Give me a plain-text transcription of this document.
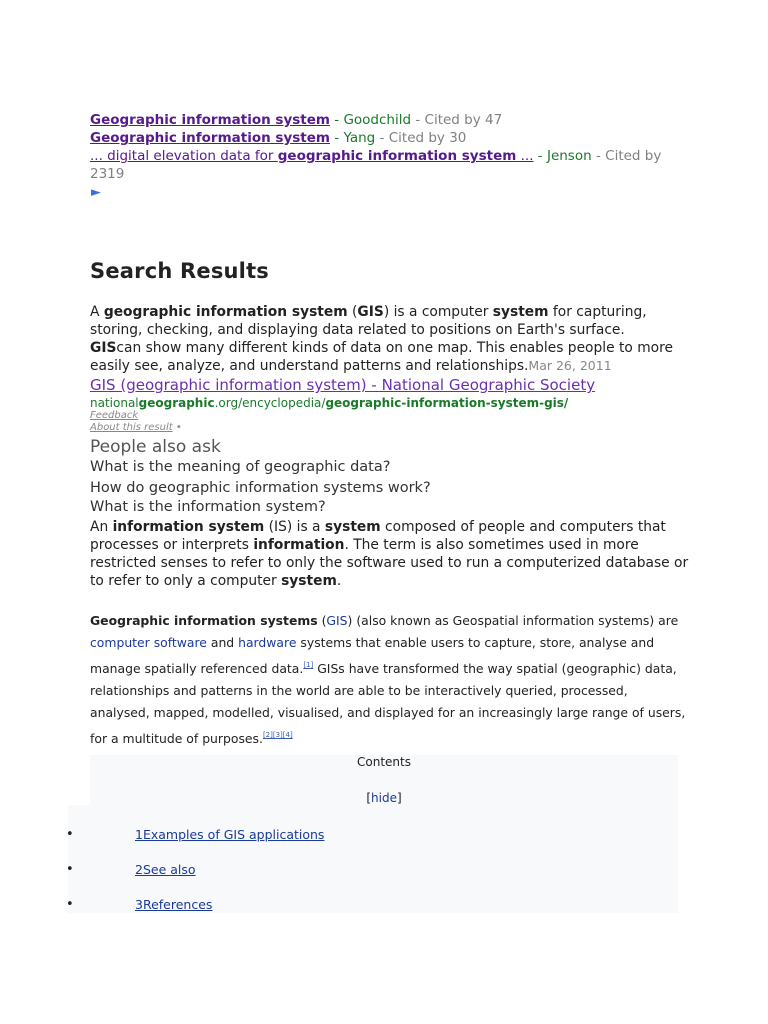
Geographic information system - Goodchild - Cited by 47
Geographic information system - Yang - Cited by 30
... digital elevation data for geographic information system ... - Jenson - Cited by
2319
►
Search Results
A geographic information system (GIS) is a computer system for capturing, storing, checking, and displaying data related to positions on Earth's surface. GIScan show many different kinds of data on one map. This enables people to more easily see, analyze, and understand patterns and relationships.Mar 26, 2011
GIS (geographic information system) - National Geographic Society
nationalgeographic.org/encyclopedia/geographic-information-system-gis/
Feedback
About this result •
People also ask
What is the meaning of geographic data?
How do geographic information systems work?
What is the information system?
An information system (IS) is a system composed of people and computers that processes or interprets information. The term is also sometimes used in more restricted senses to refer to only the software used to run a computerized database or to refer to only a computer system.
Geographic information systems (GIS) (also known as Geospatial information systems) are computer software and hardware systems that enable users to capture, store, analyse and manage spatially referenced data.[1] GISs have transformed the way spatial (geographic) data, relationships and patterns in the world are able to be interactively queried, processed, analysed, mapped, modelled, visualised, and displayed for an increasingly large range of users, for a multitude of purposes.[2][3][4]
Contents
[hide]
•	1Examples of GIS applications
•	2See also
•	3References
